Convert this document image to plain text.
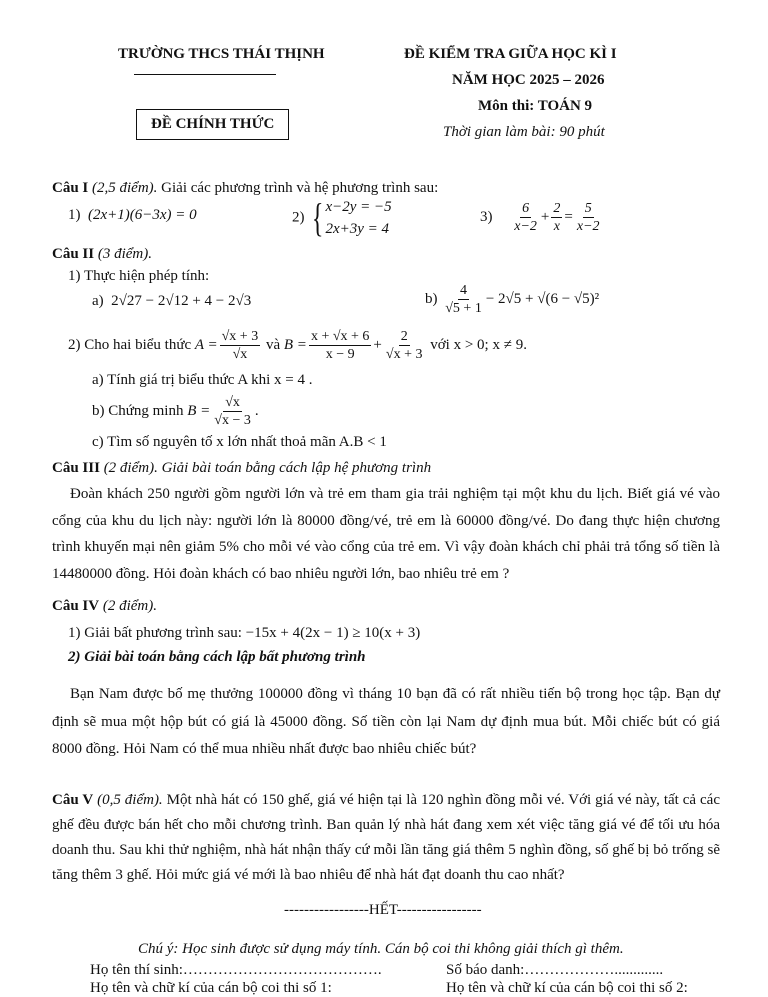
TRƯỜNG THCS THÁI THỊNH
ĐỀ CHÍNH THỨC
ĐỀ KIỂM TRA GIỮA HỌC KÌ I
NĂM HỌC 2025 – 2026
Môn thi: TOÁN 9
Thời gian làm bài: 90 phút
Câu I (2,5 điểm). Giải các phương trình và hệ phương trình sau:
1) (2x+1)(6−3x) = 0	2) { x−2y = −5
2x+3y = 4
$3) \frac{6}{x-2} + \frac{2}{x} = \frac{5}{x-2}$
Câu II (3 điểm).
1) Thực hiện phép tính:
a) 2√27 − 2√12 + 4 − 2√3	$b) \frac{4}{√5 + 1} - 2√5 + √(6 - √5)^2$
2) Cho hai biểu thức $A = \frac{√x + 3}{√x}$ và $B = \frac{x + √x + 6}{x - 9} + \frac{2}{√x + 3}$ với x > 0; x ≠ 9.
a) Tính giá trị biểu thức A khi x = 4 .
b) Chứng minh $B = \frac{√x}{√x - 3}$ .
c) Tìm số nguyên tố x lớn nhất thoả mãn A.B < 1
Câu III (2 điểm). Giải bài toán bằng cách lập hệ phương trình
Đoàn khách 250 người gồm người lớn và trẻ em tham gia trải nghiệm tại một khu du lịch. Biết giá vé vào cổng của khu du lịch này: người lớn là 80000 đồng/vé, trẻ em là 60000 đồng/vé. Do đang thực hiện chương trình khuyến mại nên giảm 5% cho mỗi vé vào cổng của trẻ em. Vì vậy đoàn khách chỉ phải trả tổng số tiền là 14480000 đồng. Hỏi đoàn khách có bao nhiêu người lớn, bao nhiêu trẻ em ?
Câu IV (2 điểm).
1) Giải bất phương trình sau: −15x + 4(2x − 1) ≥ 10(x + 3)
2) Giải bài toán bằng cách lập bất phương trình
Bạn Nam được bố mẹ thưởng 100000 đồng vì tháng 10 bạn đã có rất nhiều tiến bộ trong học tập. Bạn dự định sẽ mua một hộp bút có giá là 45000 đồng. Số tiền còn lại Nam dự định mua bút. Mỗi chiếc bút có giá 8000 đồng. Hỏi Nam có thể mua nhiều nhất được bao nhiêu chiếc bút?
Câu V (0,5 điểm). Một nhà hát có 150 ghế, giá vé hiện tại là 120 nghìn đồng mỗi vé. Với giá vé này, tất cả các ghế đều được bán hết cho mỗi chương trình. Ban quản lý nhà hát đang xem xét việc tăng giá vé để tối ưu hóa doanh thu. Sau khi thử nghiệm, nhà hát nhận thấy cứ mỗi lần tăng giá thêm 5 nghìn đồng, số ghế bị bỏ trống sẽ tăng thêm 3 ghế. Hỏi mức giá vé mới là bao nhiêu để nhà hát đạt doanh thu cao nhất?
-----------------HẾT-----------------
Chú ý: Học sinh được sử dụng máy tính. Cán bộ coi thi không giải thích gì thêm.
Họ tên thí sinh:………………………………….	Số báo danh:……………….............
Họ tên và chữ kí của cán bộ coi thi số 1:	Họ tên và chữ kí của cán bộ coi thi số 2:
